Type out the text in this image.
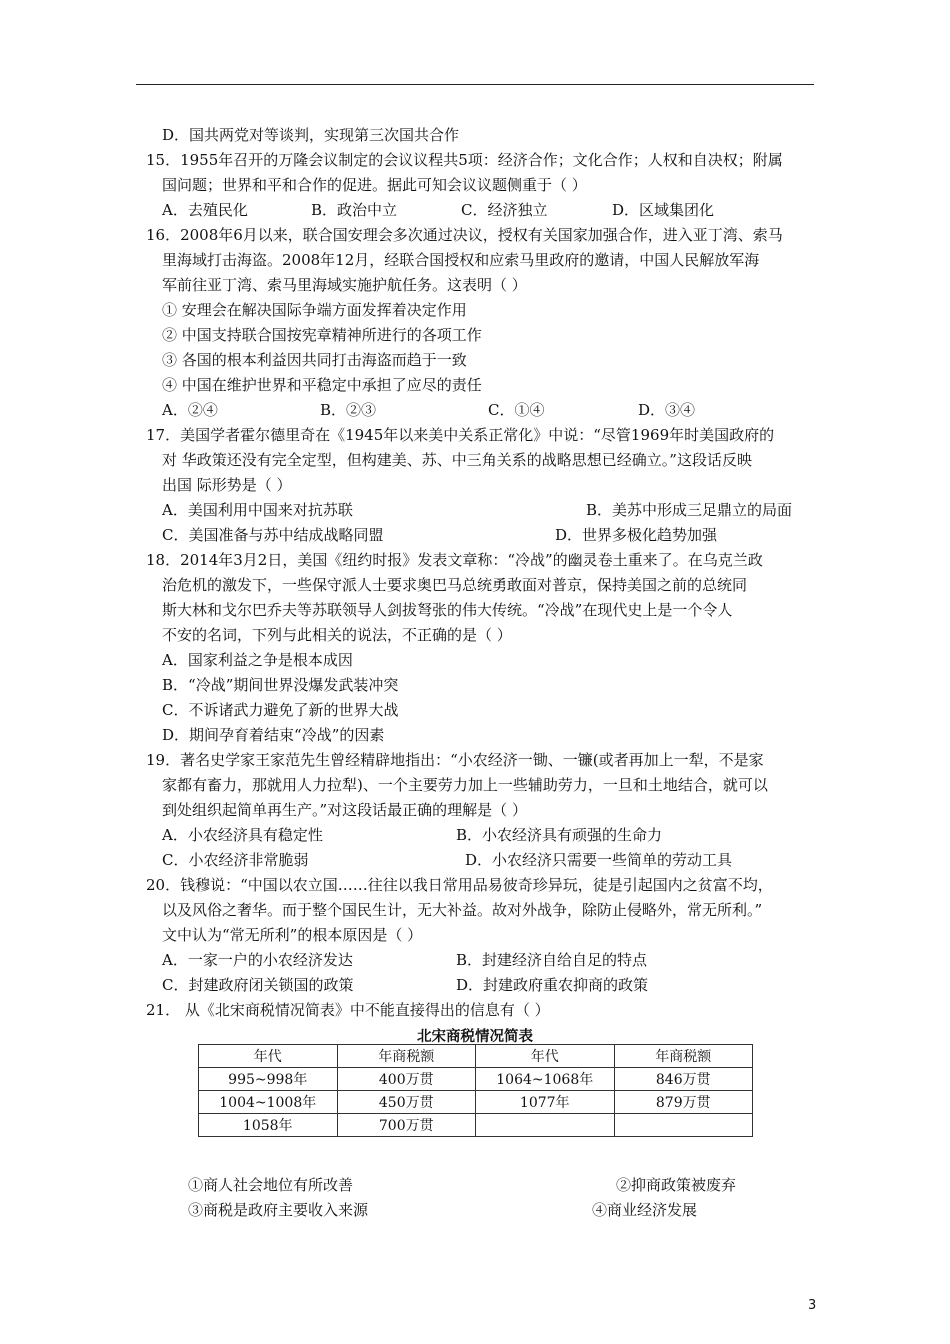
D．国共两党对等谈判，实现第三次国共合作
15．1955年召开的万隆会议制定的会议议程共5项：经济合作；文化合作；人权和自决权；附属
国问题；世界和平和合作的促进。据此可知会议议题侧重于（ ）
A．去殖民化	B．政治中立	C．经济独立	D．区域集团化
16．2008年6月以来，联合国安理会多次通过决议，授权有关国家加强合作，进入亚丁湾、索马
里海域打击海盗。2008年12月，经联合国授权和应索马里政府的邀请，中国人民解放军海
军前往亚丁湾、索马里海域实施护航任务。这表明（ ）
① 安理会在解决国际争端方面发挥着决定作用
② 中国支持联合国按宪章精神所进行的各项工作
③ 各国的根本利益因共同打击海盗而趋于一致
④ 中国在维护世界和平稳定中承担了应尽的责任
A．②④	B．②③	C．①④	D．③④
17．美国学者霍尔德里奇在《1945年以来美中关系正常化》中说：“尽管1969年时美国政府的
对 华政策还没有完全定型，但构建美、苏、中三角关系的战略思想已经确立。”这段话反映
出国 际形势是（ ）
A．美国利用中国来对抗苏联	B．美苏中形成三足鼎立的局面
C．美国准备与苏中结成战略同盟	D．世界多极化趋势加强
18．2014年3月2日，美国《纽约时报》发表文章称：“冷战”的幽灵卷土重来了。在乌克兰政
治危机的激发下，一些保守派人士要求奥巴马总统勇敢面对普京，保持美国之前的总统同
斯大林和戈尔巴乔夫等苏联领导人剑拔弩张的伟大传统。“冷战”在现代史上是一个令人
不安的名词，下列与此相关的说法，不正确的是（ ）
A．国家利益之争是根本成因
B．“冷战”期间世界没爆发武装冲突
C．不诉诸武力避免了新的世界大战
D．期间孕育着结束“冷战”的因素
19．著名史学家王家范先生曾经精辟地指出：“小农经济一锄、一镰(或者再加上一犁，不是家
家都有畜力，那就用人力拉犁)、一个主要劳力加上一些辅助劳力，一旦和土地结合，就可以
到处组织起简单再生产。”对这段话最正确的理解是（ ）
A．小农经济具有稳定性	B．小农经济具有顽强的生命力
C．小农经济非常脆弱	D．小农经济只需要一些简单的劳动工具
20．钱穆说：“中国以农立国……往往以我日常用品易彼奇珍异玩，徒是引起国内之贫富不均，
以及风俗之奢华。而于整个国民生计，无大补益。故对外战争，除防止侵略外，常无所利。”
文中认为“常无所利”的根本原因是（ ）
A．一家一户的小农经济发达	B．封建经济自给自足的特点
C．封建政府闭关锁国的政策	D．封建政府重农抑商的政策
21． 从《北宋商税情况简表》中不能直接得出的信息有（ ）
①商人社会地位有所改善	②抑商政策被废弃
③商税是政府主要收入来源	④商业经济发展
北宋商税情况简表
年代	年商税额	年代	年商税额
995~998年	400万贯	1064~1068年	846万贯
1004~1008年	450万贯	1077年	879万贯
1058年	700万贯		
3
